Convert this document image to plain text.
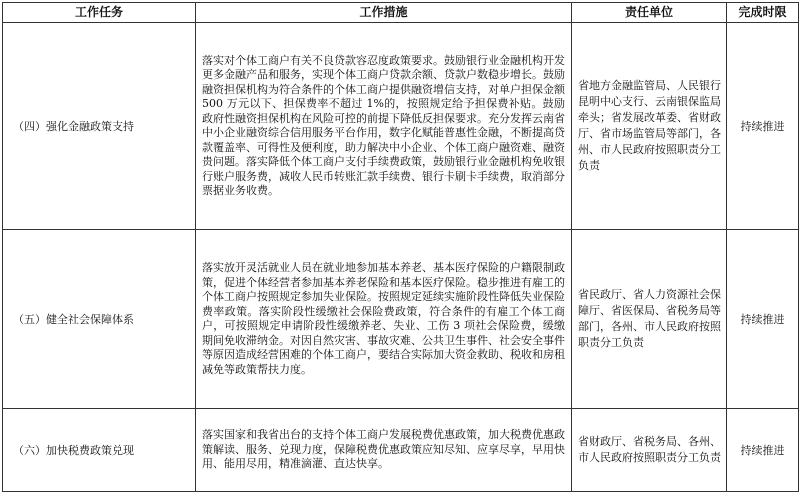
工作任务	工作措施	责任单位	完成时限
（四）强化金融政策支持	落实对个体工商户有关不良贷款容忍度政策要求。鼓励银行业金融机构开发更多金融产品和服务，实现个体工商户贷款余额、贷款户数稳步增长。鼓励融资担保机构为符合条件的个体工商户提供融资增信支持，对单户担保金额 500 万元以下、担保费率不超过 1%的，按照规定给予担保费补贴。鼓励政府性融资担保机构在风险可控的前提下降低反担保要求。充分发挥云南省中小企业融资综合信用服务平台作用，数字化赋能普惠性金融，不断提高贷款覆盖率、可得性及便利度，助力解决中小企业、个体工商户融资难、融资贵问题。落实降低个体工商户支付手续费政策，鼓励银行业金融机构免收银行账户服务费，减收人民币转账汇款手续费、银行卡刷卡手续费，取消部分票据业务收费。	省地方金融监管局、人民银行昆明中心支行、云南银保监局牵头；省发展改革委、省财政厅、省市场监管局等部门，各州、市人民政府按照职责分工负责	持续推进
（五）健全社会保障体系	落实放开灵活就业人员在就业地参加基本养老、基本医疗保险的户籍限制政策，促进个体经营者参加基本养老保险和基本医疗保险。稳步推进有雇工的个体工商户按照规定参加失业保险。按照规定延续实施阶段性降低失业保险费率政策。落实阶段性缓缴社会保险费政策，符合条件的有雇工个体工商户，可按照规定申请阶段性缓缴养老、失业、工伤 3 项社会保险费，缓缴期间免收滞纳金。对因自然灾害、事故灾难、公共卫生事件、社会安全事件等原因造成经营困难的个体工商户，要结合实际加大资金救助、税收和房租减免等政策帮扶力度。	省民政厅、省人力资源社会保障厅、省医保局、省税务局等部门，各州、市人民政府按照职责分工负责	持续推进
（六）加快税费政策兑现	落实国家和我省出台的支持个体工商户发展税费优惠政策，加大税费优惠政策解读、服务、兑现力度，保障税费优惠政策应知尽知、应享尽享，早用快用、能用尽用，精准滴灌、直达快享。	省财政厅、省税务局、各州、市人民政府按照职责分工负责	持续推进
